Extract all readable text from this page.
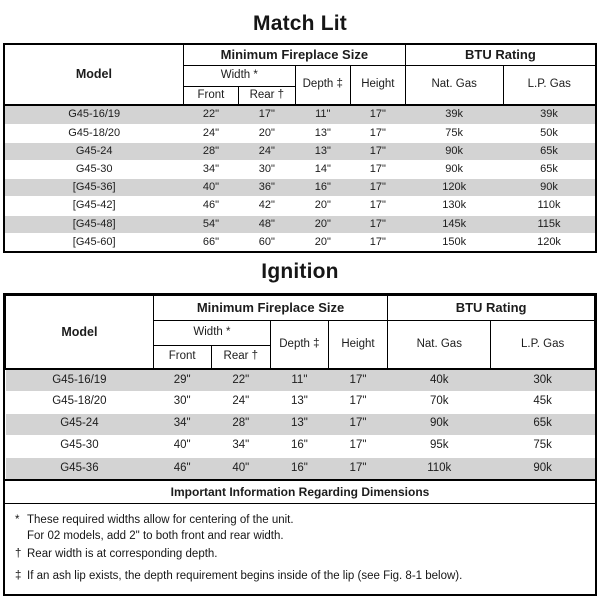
Match Lit
Model	Minimum Fireplace Size				BTU Rating	
	Width *		Depth ‡	Height	Nat. Gas	L.P. Gas
	Front	Rear †				
G45-16/19	22"	17"	11"	17"	39k	39k
G45-18/20	24"	20"	13"	17"	75k	50k
G45-24	28"	24"	13"	17"	90k	65k
G45-30	34"	30"	14"	17"	90k	65k
[G45-36]	40"	36"	16"	17"	120k	90k
[G45-42]	46"	42"	20"	17"	130k	110k
[G45-48]	54"	48"	20"	17"	145k	115k
[G45-60]	66"	60"	20"	17"	150k	120k
Ignition
Model	Minimum Fireplace Size				BTU Rating	
	Width *		Depth ‡	Height	Nat. Gas	L.P. Gas
	Front	Rear †				
G45-16/19	29"	22"	11"	17"	40k	30k
G45-18/20	30"	24"	13"	17"	70k	45k
G45-24	34"	28"	13"	17"	90k	65k
G45-30	40"	34"	16"	17"	95k	75k
G45-36	46"	40"	16"	17"	110k	90k
Important Information Regarding Dimensions
* These required widths allow for centering of the unit.
For 02 models, add 2" to both front and rear width.
† Rear width is at corresponding depth.
‡ If an ash lip exists, the depth requirement begins inside of the lip (see Fig. 8-1 below).
